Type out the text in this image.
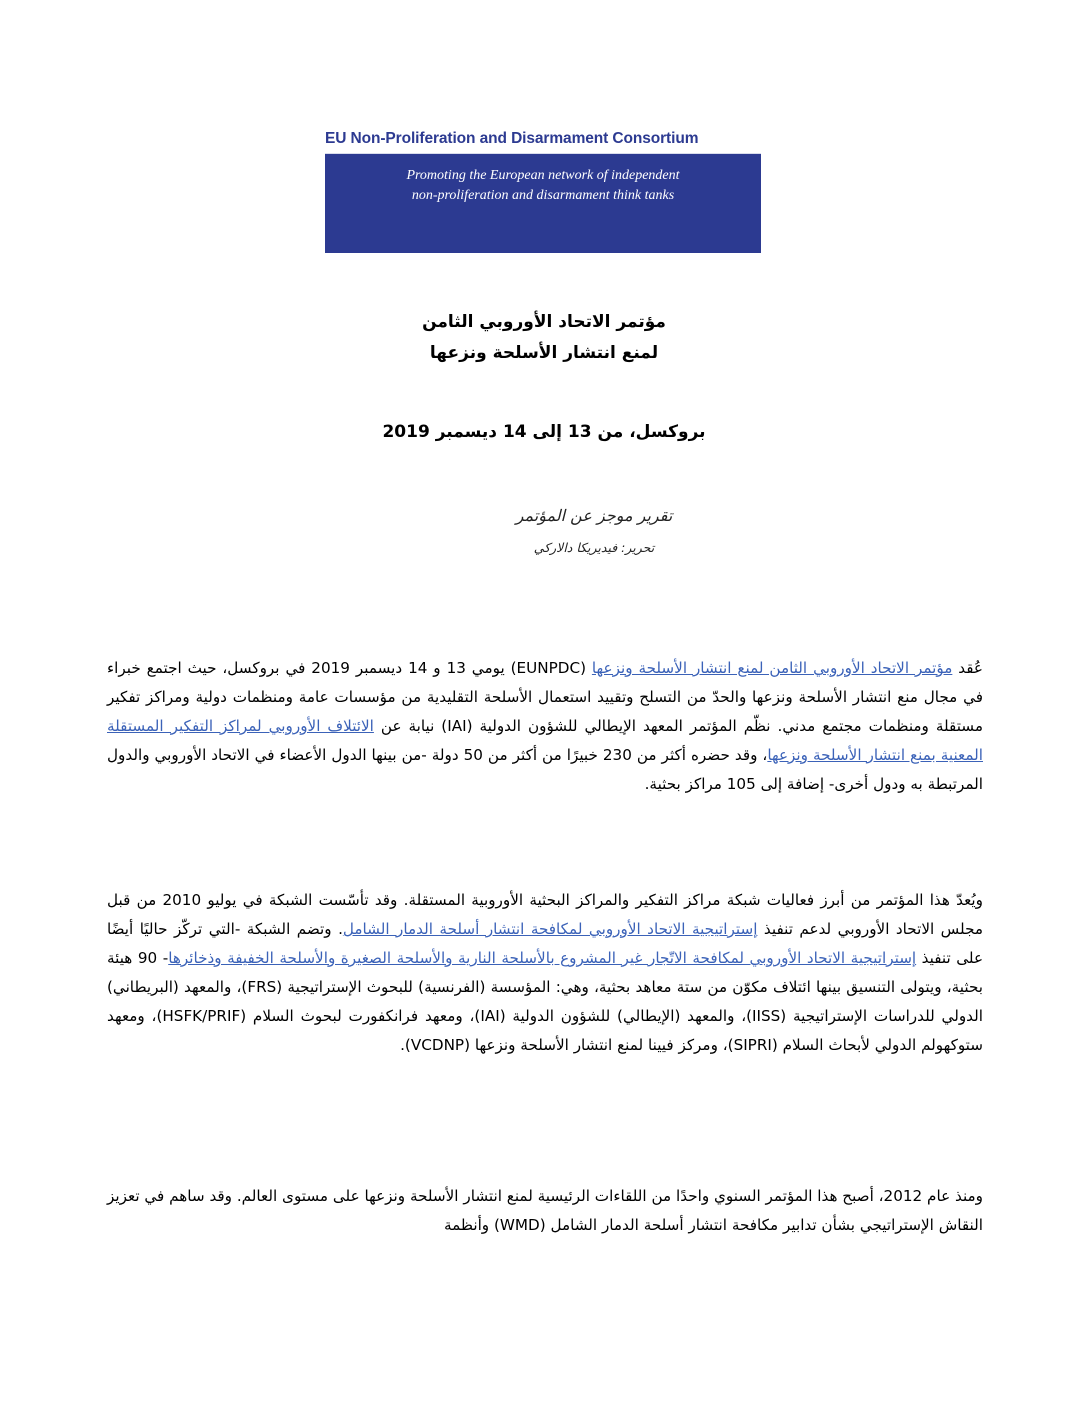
EU Non-Proliferation and Disarmament Consortium
Promoting the European network of independent
non-proliferation and disarmament think tanks
مؤتمر الاتحاد الأوروبي الثامن
لمنع انتشار الأسلحة ونزعها
بروكسل، من 13 إلى 14 ديسمبر 2019
تقرير موجز عن المؤتمر
تحرير: فيديريكا دالاركي

عُقد مؤتمر الاتحاد الأوروبي الثامن لمنع انتشار الأسلحة ونزعها (EUNPDC) يومي 13 و 14 ديسمبر 2019 في بروكسل، حيث اجتمع خبراء في مجال منع انتشار الأسلحة ونزعها والحدّ من التسلح وتقييد استعمال الأسلحة التقليدية من مؤسسات عامة ومنظمات دولية ومراكز تفكير مستقلة ومنظمات مجتمع مدني. نظّم المؤتمر المعهد الإيطالي للشؤون الدولية (IAI) نيابة عن الائتلاف الأوروبي لمراكز التفكير المستقلة المعنية بمنع انتشار الأسلحة ونزعها، وقد حضره أكثر من 230 خبيرًا من أكثر من 50 دولة -من بينها الدول الأعضاء في الاتحاد الأوروبي والدول المرتبطة به ودول أخرى- إضافة إلى 105 مراكز بحثية.

ويُعدّ هذا المؤتمر من أبرز فعاليات شبكة مراكز التفكير والمراكز البحثية الأوروبية المستقلة. وقد تأسّست الشبكة في يوليو 2010 من قبل مجلس الاتحاد الأوروبي لدعم تنفيذ إستراتيجية الاتحاد الأوروبي لمكافحة انتشار أسلحة الدمار الشامل. وتضم الشبكة -التي تركّز حاليًا أيضًا على تنفيذ إستراتيجية الاتحاد الأوروبي لمكافحة الاتّجار غير المشروع بالأسلحة النارية والأسلحة الصغيرة والأسلحة الخفيفة وذخائرها- 90 هيئة بحثية، ويتولى التنسيق بينها ائتلاف مكوّن من ستة معاهد بحثية، وهي: المؤسسة (الفرنسية) للبحوث الإستراتيجية (FRS)، والمعهد (البريطاني) الدولي للدراسات الإستراتيجية (IISS)، والمعهد (الإيطالي) للشؤون الدولية (IAI)، ومعهد فرانكفورت لبحوث السلام (HSFK/PRIF)، ومعهد ستوكهولم الدولي لأبحاث السلام (SIPRI)، ومركز فيينا لمنع انتشار الأسلحة ونزعها (VCDNP).

ومنذ عام 2012، أصبح هذا المؤتمر السنوي واحدًا من اللقاءات الرئيسية لمنع انتشار الأسلحة ونزعها على مستوى العالم. وقد ساهم في تعزيز النقاش الإستراتيجي بشأن تدابير مكافحة انتشار أسلحة الدمار الشامل (WMD) وأنظمة
